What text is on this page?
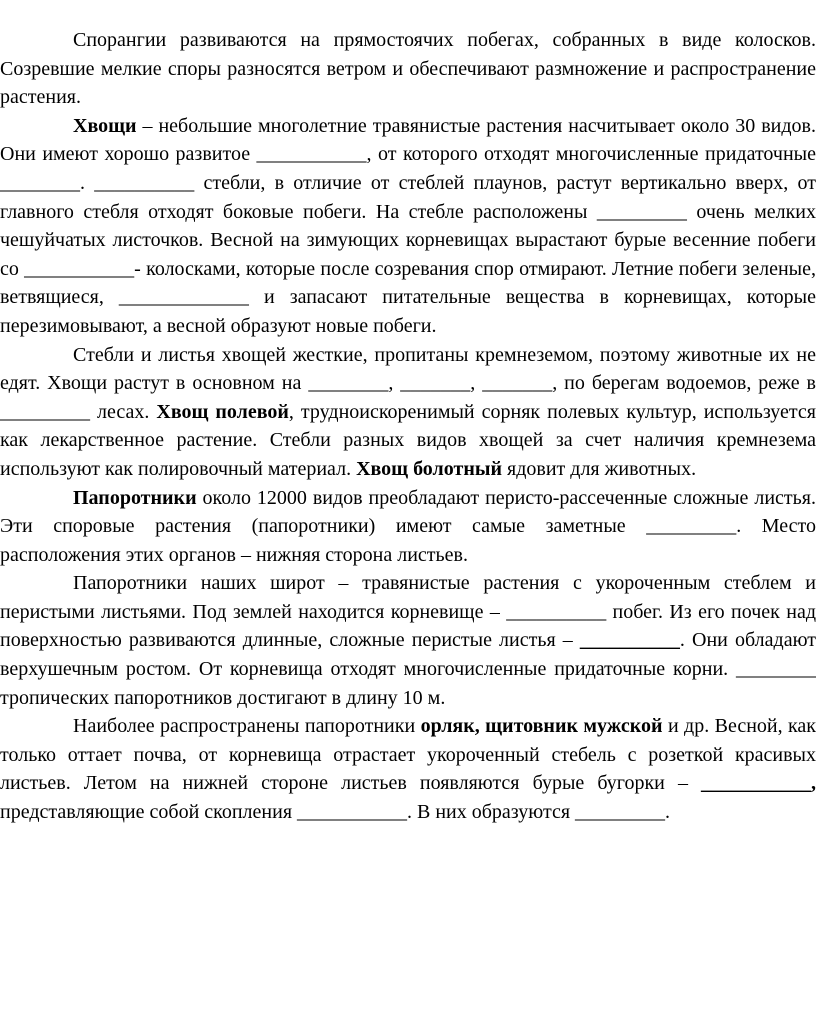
Спорангии развиваются на прямостоячих побегах, собранных в виде колосков. Созревшие мелкие споры разносятся ветром и обеспечивают размножение и распространение растения.

Хвощи – небольшие многолетние травянистые растения насчитывает около 30 видов. Они имеют хорошо развитое ___________, от которого отходят многочисленные придаточные ________. __________ стебли, в отличие от стеблей плаунов, растут вертикально вверх, от главного стебля отходят боковые побеги. На стебле расположены _________ очень мелких чешуйчатых листочков. Весной на зимующих корневищах вырастают бурые весенние побеги со ___________- колосками, которые после созревания спор отмирают. Летние побеги зеленые, ветвящиеся, _____________ и запасают питательные вещества в корневищах, которые перезимовывают, а весной образуют новые побеги.

Стебли и листья хвощей жесткие, пропитаны кремнеземом, поэтому животные их не едят. Хвощи растут в основном на ________, _______, _______, по берегам водоемов, реже в _________ лесах. Хвощ полевой, трудноискоренимый сорняк полевых культур, используется как лекарственное растение. Стебли разных видов хвощей за счет наличия кремнезема используют как полировочный материал. Хвощ болотный ядовит для животных.

Папоротники около 12000 видов преобладают перисто-рассеченные сложные листья. Эти споровые растения (папоротники) имеют самые заметные _________. Место расположения этих органов – нижняя сторона листьев.

Папоротники наших широт – травянистые растения с укороченным стеблем и перистыми листьями. Под землей находится корневище – __________ побег. Из его почек над поверхностью развиваются длинные, сложные перистые листья – __________. Они обладают верхушечным ростом. От корневища отходят многочисленные придаточные корни. ________ тропических папоротников достигают в длину 10 м.

Наиболее распространены папоротники орляк, щитовник мужской и др. Весной, как только оттает почва, от корневища отрастает укороченный стебель с розеткой красивых листьев. Летом на нижней стороне листьев появляются бурые бугорки – ___________, представляющие собой скопления ___________. В них образуются _________.
